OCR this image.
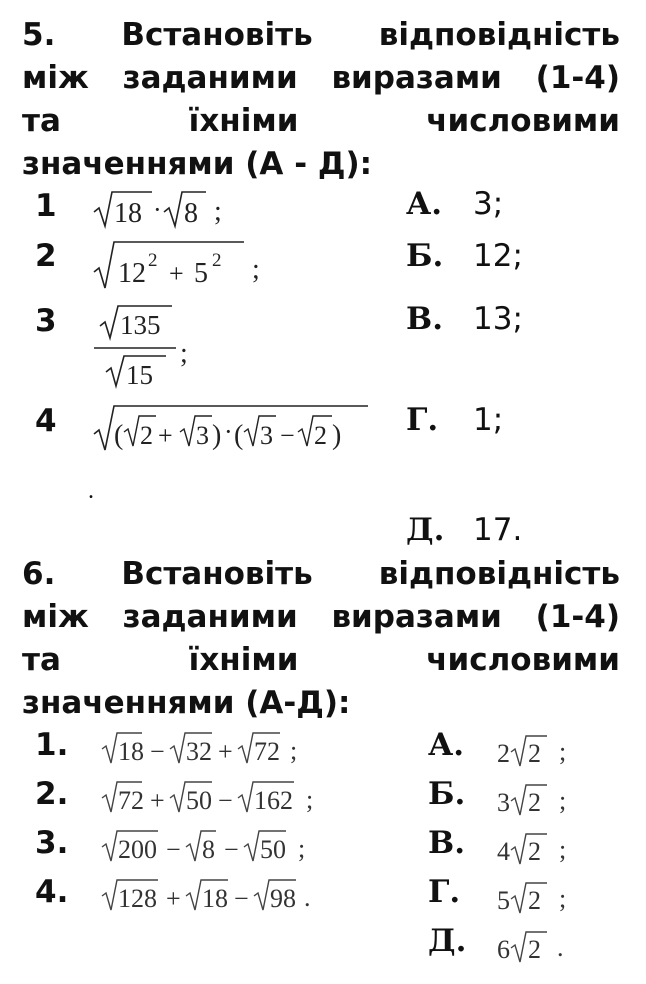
5. Встановіть відповідність
між заданими виразами (1-4)
та їхніми числовими
значеннями (А - Д):
1
2
3
4
18 · 8 ;
12 2 + 5 2 ;
135
15
;
( 2 + 3 ) · ( 3 − 2 )
.
А. 3;
Б. 12;
В. 13;
Г. 1;
Д. 17.
6. Встановіть відповідність
між заданими виразами (1-4)
та їхніми числовими
значеннями (А-Д):
1.
2.
3.
4.
18 − 32 + 72 ;
72 + 50 − 162 ;
200 − 8 − 50 ;
128 + 18 − 98 .
А. 2 2 ;
Б. 3 2 ;
В. 4 2 ;
Г. 5 2 ;
Д. 6 2 .
